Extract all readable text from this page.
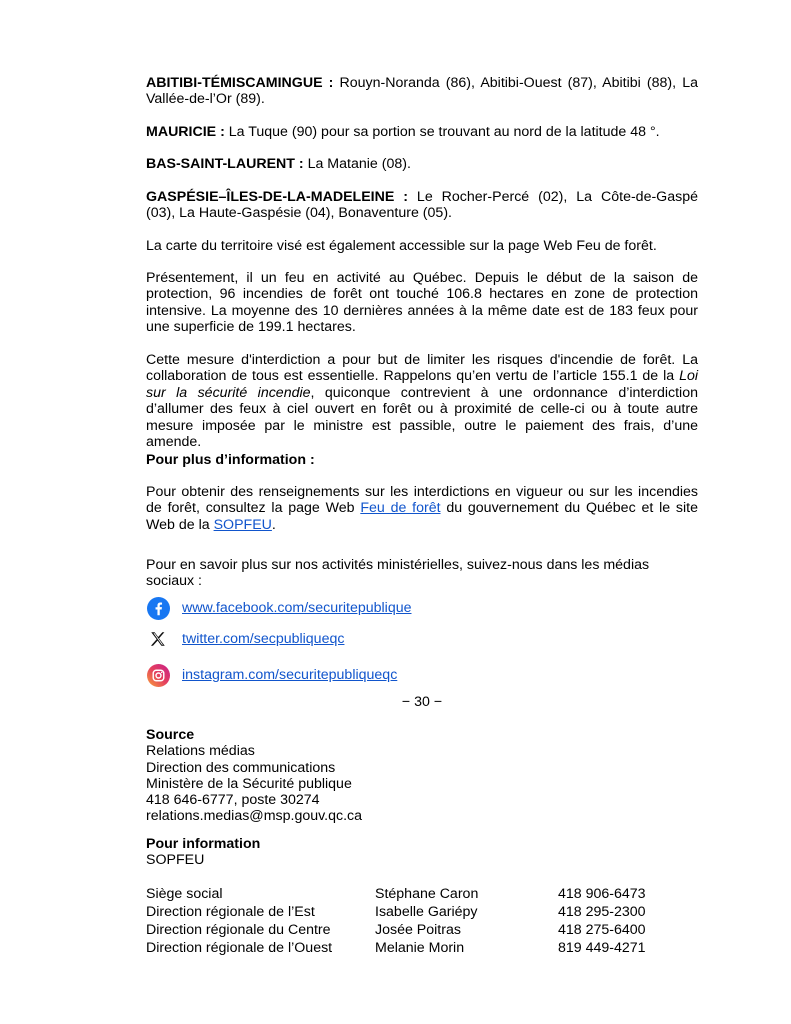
ABITIBI-TÉMISCAMINGUE : Rouyn-Noranda (86), Abitibi-Ouest (87), Abitibi (88), La Vallée-de-l’Or (89).

MAURICIE : La Tuque (90) pour sa portion se trouvant au nord de la latitude 48 °.

BAS-SAINT-LAURENT : La Matanie (08).

GASPÉSIE–ÎLES-DE-LA-MADELEINE : Le Rocher-Percé (02), La Côte-de-Gaspé (03), La Haute-Gaspésie (04), Bonaventure (05).

La carte du territoire visé est également accessible sur la page Web Feu de forêt.

Présentement, il un feu en activité au Québec. Depuis le début de la saison de protection, 96 incendies de forêt ont touché 106.8 hectares en zone de protection intensive. La moyenne des 10 dernières années à la même date est de 183 feux pour une superficie de 199.1 hectares.

Cette mesure d'interdiction a pour but de limiter les risques d'incendie de forêt. La collaboration de tous est essentielle. Rappelons qu’en vertu de l’article 155.1 de la Loi sur la sécurité incendie, quiconque contrevient à une ordonnance d’interdiction d’allumer des feux à ciel ouvert en forêt ou à proximité de celle-ci ou à toute autre mesure imposée par le ministre est passible, outre le paiement des frais, d’une amende.

Pour plus d’information :

Pour obtenir des renseignements sur les interdictions en vigueur ou sur les incendies de forêt, consultez la page Web Feu de forêt du gouvernement du Québec et le site Web de la SOPFEU.

Pour en savoir plus sur nos activités ministérielles, suivez-nous dans les médias sociaux :

www.facebook.com/securitepublique
twitter.com/secpubliqueqc
instagram.com/securitepubliqueqc
− 30 −

Source

Relations médias

Direction des communications

Ministère de la Sécurité publique

418 646-6777, poste 30274

relations.medias@msp.gouv.qc.ca

Pour information

SOPFEU

Siège social	Stéphane Caron	418 906-6473
Direction régionale de l’Est	Isabelle Gariépy	418 295-2300
Direction régionale du Centre	Josée Poitras	418 275-6400
Direction régionale de l’Ouest	Melanie Morin	819 449-4271
